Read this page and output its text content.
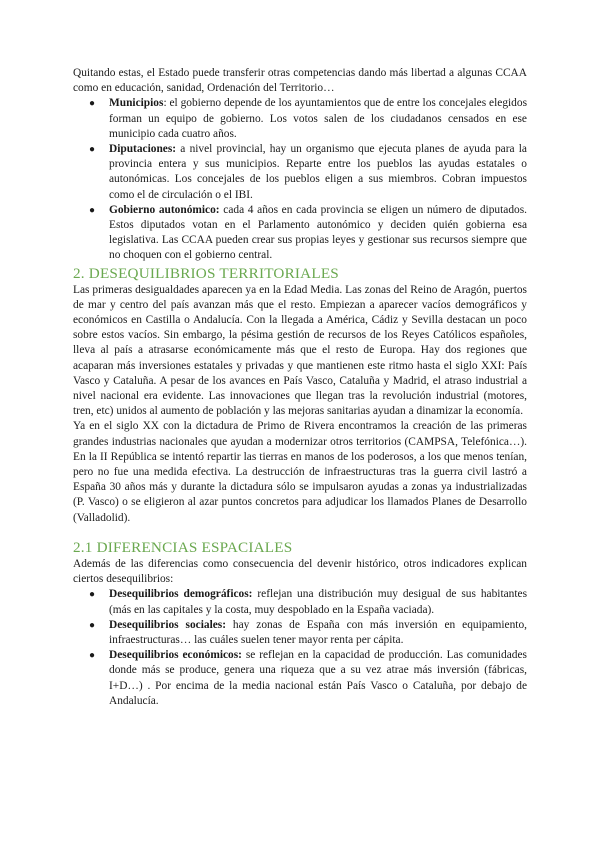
Quitando estas, el Estado puede transferir otras competencias dando más libertad a algunas CCAA como en educación, sanidad, Ordenación del Territorio…

● Municipios: el gobierno depende de los ayuntamientos que de entre los concejales elegidos forman un equipo de gobierno. Los votos salen de los ciudadanos censados en ese municipio cada cuatro años.
● Diputaciones: a nivel provincial, hay un organismo que ejecuta planes de ayuda para la provincia entera y sus municipios. Reparte entre los pueblos las ayudas estatales o autonómicas. Los concejales de los pueblos eligen a sus miembros. Cobran impuestos como el de circulación o el IBI.
● Gobierno autonómico: cada 4 años en cada provincia se eligen un número de diputados. Estos diputados votan en el Parlamento autonómico y deciden quién gobierna esa legislativa. Las CCAA pueden crear sus propias leyes y gestionar sus recursos siempre que no choquen con el gobierno central.
2. DESEQUILIBRIOS TERRITORIALES

Las primeras desigualdades aparecen ya en la Edad Media. Las zonas del Reino de Aragón, puertos de mar y centro del país avanzan más que el resto. Empiezan a aparecer vacíos demográficos y económicos en Castilla o Andalucía. Con la llegada a América, Cádiz y Sevilla destacan un poco sobre estos vacíos. Sin embargo, la pésima gestión de recursos de los Reyes Católicos españoles, lleva al país a atrasarse económicamente más que el resto de Europa. Hay dos regiones que acaparan más inversiones estatales y privadas y que mantienen este ritmo hasta el siglo XXI: País Vasco y Cataluña. A pesar de los avances en País Vasco, Cataluña y Madrid, el atraso industrial a nivel nacional era evidente. Las innovaciones que llegan tras la revolución industrial (motores, tren, etc) unidos al aumento de población y las mejoras sanitarias ayudan a dinamizar la economía.

Ya en el siglo XX con la dictadura de Primo de Rivera encontramos la creación de las primeras grandes industrias nacionales que ayudan a modernizar otros territorios (CAMPSA, Telefónica…). En la II República se intentó repartir las tierras en manos de los poderosos, a los que menos tenían, pero no fue una medida efectiva. La destrucción de infraestructuras tras la guerra civil lastró a España 30 años más y durante la dictadura sólo se impulsaron ayudas a zonas ya industrializadas (P. Vasco) o se eligieron al azar puntos concretos para adjudicar los llamados Planes de Desarrollo (Valladolid).

2.1 DIFERENCIAS ESPACIALES

Además de las diferencias como consecuencia del devenir histórico, otros indicadores explican ciertos desequilibrios:

● Desequilibrios demográficos: reflejan una distribución muy desigual de sus habitantes (más en las capitales y la costa, muy despoblado en la España vaciada).
● Desequilibrios sociales: hay zonas de España con más inversión en equipamiento, infraestructuras… las cuáles suelen tener mayor renta per cápita.
● Desequilibrios económicos: se reflejan en la capacidad de producción. Las comunidades donde más se produce, genera una riqueza que a su vez atrae más inversión (fábricas, I+D…) . Por encima de la media nacional están País Vasco o Cataluña, por debajo de Andalucía.
